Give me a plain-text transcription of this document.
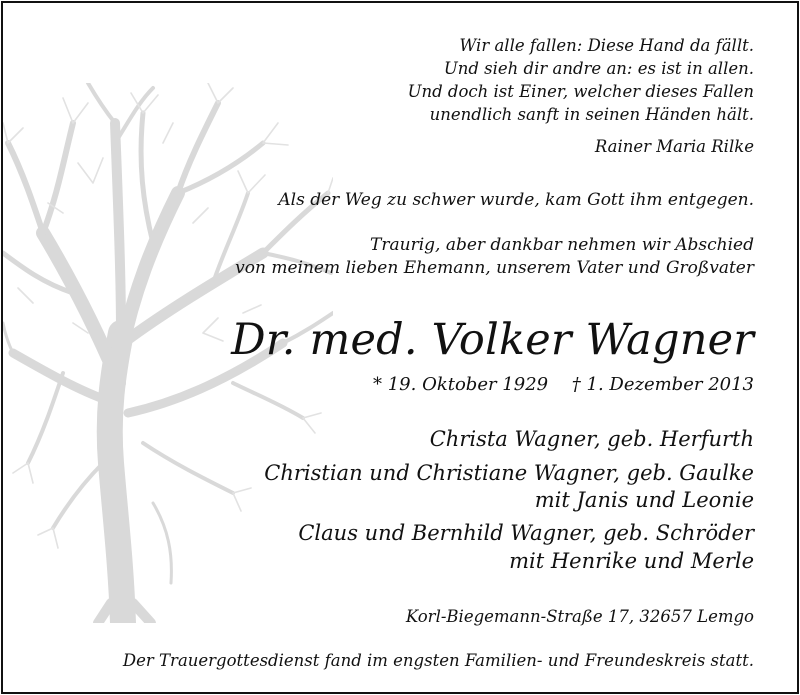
Wir alle fallen: Diese Hand da fällt.
Und sieh dir andre an: es ist in allen.
Und doch ist Einer, welcher dieses Fallen
unendlich sanft in seinen Händen hält.
Rainer Maria Rilke
Als der Weg zu schwer wurde, kam Gott ihm entgegen.
Traurig, aber dankbar nehmen wir Abschied
von meinem lieben Ehemann, unserem Vater und Großvater
Dr. med. Volker Wagner
* 19. Oktober 1929 † 1. Dezember 2013
Christa Wagner, geb. Herfurth
Christian und Christiane Wagner, geb. Gaulke
mit Janis und Leonie
Claus und Bernhild Wagner, geb. Schröder
mit Henrike und Merle
Korl-Biegemann-Straße 17, 32657 Lemgo
Der Trauergottesdienst fand im engsten Familien- und Freundeskreis statt.
